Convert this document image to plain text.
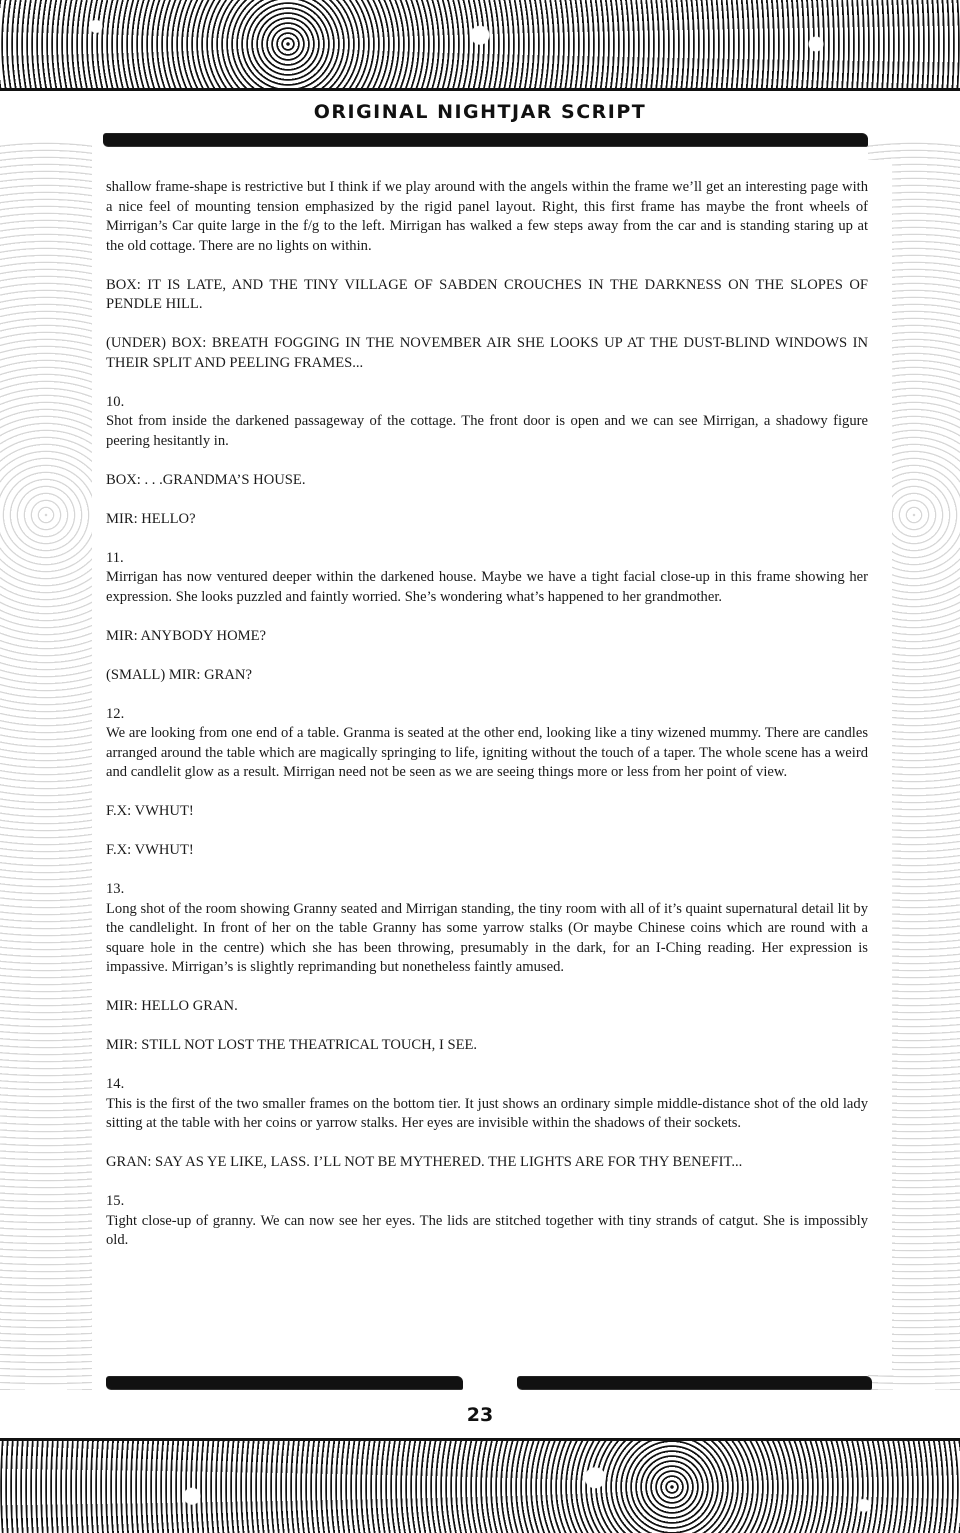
ORIGINAL NIGHTJAR SCRIPT

shallow frame-shape is restrictive but I think if we play around with the angels within the frame we’ll get an interesting page with a nice feel of mounting tension emphasized by the rigid panel layout. Right, this first frame has maybe the front wheels of Mirrigan’s Car quite large in the f/g to the left. Mirrigan has walked a few steps away from the car and is standing staring up at the old cottage. There are no lights on within.

BOX: IT IS LATE, AND THE TINY VILLAGE OF SABDEN CROUCHES IN THE DARKNESS ON THE SLOPES OF PENDLE HILL.

(UNDER) BOX: BREATH FOGGING IN THE NOVEMBER AIR SHE LOOKS UP AT THE DUST-BLIND WINDOWS IN THEIR SPLIT AND PEELING FRAMES...

10.
Shot from inside the darkened passageway of the cottage. The front door is open and we can see Mirrigan, a shadowy figure peering hesitantly in.

BOX: . . .GRANDMA’S HOUSE.

MIR: HELLO?

11.
Mirrigan has now ventured deeper within the darkened house. Maybe we have a tight facial close-up in this frame showing her expression. She looks puzzled and faintly worried. She’s wondering what’s happened to her grandmother.

MIR: ANYBODY HOME?

(SMALL) MIR: GRAN?

12.
We are looking from one end of a table. Granma is seated at the other end, looking like a tiny wizened mummy. There are candles arranged around the table which are magically springing to life, igniting without the touch of a taper. The whole scene has a weird and candlelit glow as a result. Mirrigan need not be seen as we are seeing things more or less from her point of view.

F.X: VWHUT!

F.X: VWHUT!

13.
Long shot of the room showing Granny seated and Mirrigan standing, the tiny room with all of it’s quaint supernatural detail lit by the candlelight. In front of her on the table Granny has some yarrow stalks (Or maybe Chinese coins which are round with a square hole in the centre) which she has been throwing, presumably in the dark, for an I-Ching reading. Her expression is impassive. Mirrigan’s is slightly reprimanding but nonetheless faintly amused.

MIR: HELLO GRAN.

MIR: STILL NOT LOST THE THEATRICAL TOUCH, I SEE.

14.
This is the first of the two smaller frames on the bottom tier. It just shows an ordinary simple middle-distance shot of the old lady sitting at the table with her coins or yarrow stalks. Her eyes are invisible within the shadows of their sockets.

GRAN: SAY AS YE LIKE, LASS. I’LL NOT BE MYTHERED. THE LIGHTS ARE FOR THY BENEFIT...

15.
Tight close-up of granny. We can now see her eyes. The lids are stitched together with tiny strands of catgut. She is impossibly old.

23
